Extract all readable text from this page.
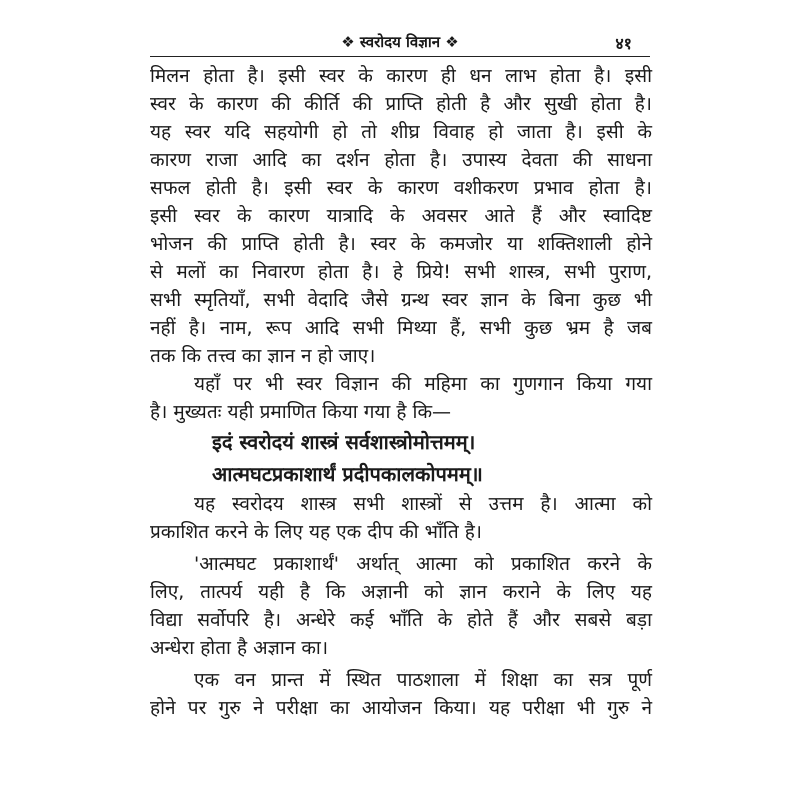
❖ स्वरोदय विज्ञान ❖	४१
मिलन होता है। इसी स्वर के कारण ही धन लाभ होता है। इसी
स्वर के कारण की कीर्ति की प्राप्ति होती है और सुखी होता है।
यह स्वर यदि सहयोगी हो तो शीघ्र विवाह हो जाता है। इसी के
कारण राजा आदि का दर्शन होता है। उपास्य देवता की साधना
सफल होती है। इसी स्वर के कारण वशीकरण प्रभाव होता है।
इसी स्वर के कारण यात्रादि के अवसर आते हैं और स्वादिष्ट
भोजन की प्राप्ति होती है। स्वर के कमजोर या शक्तिशाली होने
से मलों का निवारण होता है। हे प्रिये! सभी शास्त्र, सभी पुराण,
सभी स्मृतियाँ, सभी वेदादि जैसे ग्रन्थ स्वर ज्ञान के बिना कुछ भी
नहीं है। नाम, रूप आदि सभी मिथ्या हैं, सभी कुछ भ्रम है जब
तक कि तत्त्व का ज्ञान न हो जाए।
यहाँ पर भी स्वर विज्ञान की महिमा का गुणगान किया गया
है। मुख्यतः यही प्रमाणित किया गया है कि—
इदं स्वरोदयं शास्त्रं सर्वशास्त्रोमोत्तमम्।
आत्मघटप्रकाशार्थं प्रदीपकालकोपमम्॥
यह स्वरोदय शास्त्र सभी शास्त्रों से उत्तम है। आत्मा को
प्रकाशित करने के लिए यह एक दीप की भाँति है।
'आत्मघट प्रकाशार्थं' अर्थात् आत्मा को प्रकाशित करने के
लिए, तात्पर्य यही है कि अज्ञानी को ज्ञान कराने के लिए यह
विद्या सर्वोपरि है। अन्धेरे कई भाँति के होते हैं और सबसे बड़ा
अन्धेरा होता है अज्ञान का।
एक वन प्रान्त में स्थित पाठशाला में शिक्षा का सत्र पूर्ण
होने पर गुरु ने परीक्षा का आयोजन किया। यह परीक्षा भी गुरु ने
